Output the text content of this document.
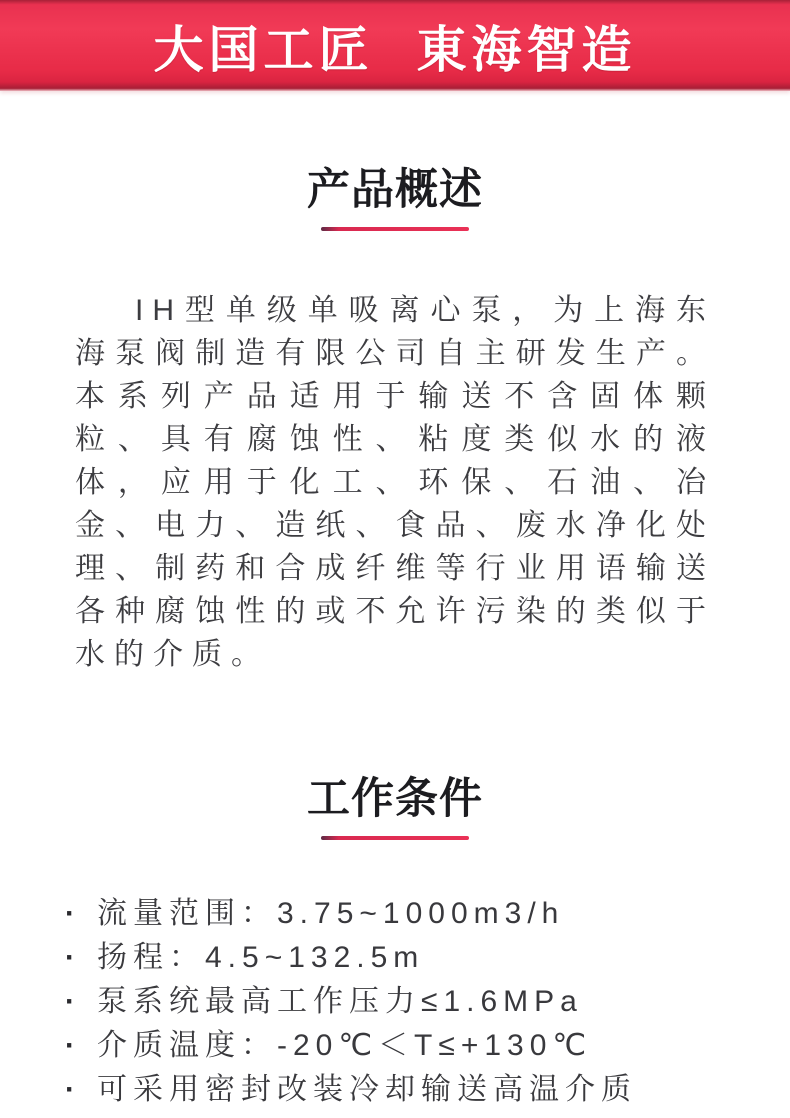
大国工匠 東海智造
产品概述

IH型单级单吸离心泵，为上海东海泵阀制造有限公司自主研发生产。本系列产品适用于输送不含固体颗粒、具有腐蚀性、粘度类似水的液体，应用于化工、环保、石油、冶金、电力、造纸、食品、废水净化处理、制药和合成纤维等行业用语输送各种腐蚀性的或不允许污染的类似于水的介质。

工作条件
· 流量范围：3.75~1000m3/h
· 扬程：4.5~132.5m
· 泵系统最高工作压力≤1.6MPa
· 介质温度：-20℃＜T≤+130℃
· 可采用密封改装冷却输送高温介质
